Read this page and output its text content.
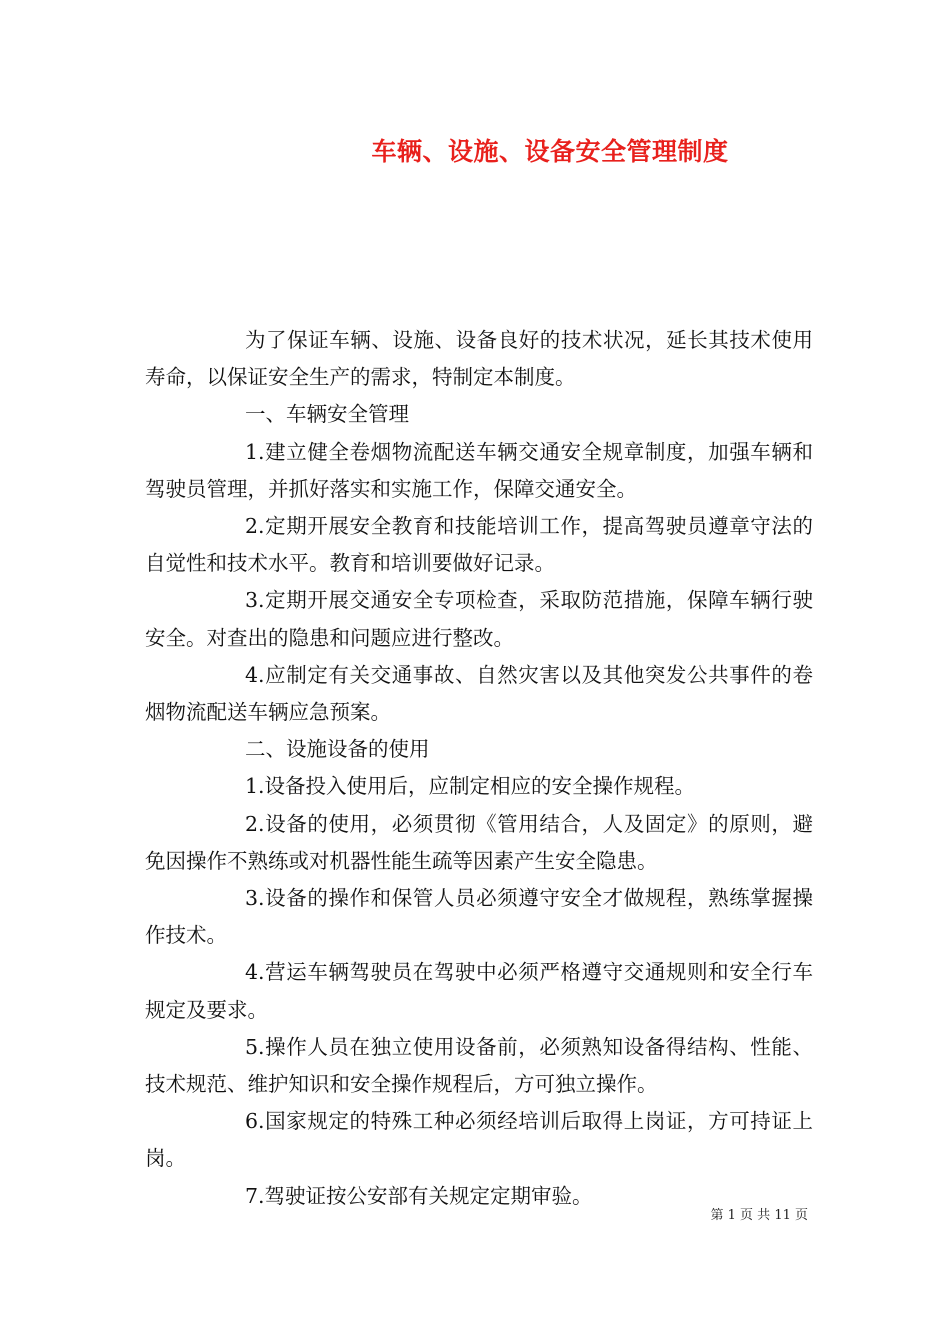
车辆、设施、设备安全管理制度

为了保证车辆、设施、设备良好的技术状况，延长其技术使用寿命，以保证安全生产的需求，特制定本制度。

一、车辆安全管理

1.建立健全卷烟物流配送车辆交通安全规章制度，加强车辆和驾驶员管理，并抓好落实和实施工作，保障交通安全。

2.定期开展安全教育和技能培训工作，提高驾驶员遵章守法的自觉性和技术水平。教育和培训要做好记录。

3.定期开展交通安全专项检查，采取防范措施，保障车辆行驶安全。对查出的隐患和问题应进行整改。

4.应制定有关交通事故、自然灾害以及其他突发公共事件的卷烟物流配送车辆应急预案。

二、设施设备的使用

1.设备投入使用后，应制定相应的安全操作规程。

2.设备的使用，必须贯彻《管用结合，人及固定》的原则，避免因操作不熟练或对机器性能生疏等因素产生安全隐患。

3.设备的操作和保管人员必须遵守安全才做规程，熟练掌握操作技术。

4.营运车辆驾驶员在驾驶中必须严格遵守交通规则和安全行车规定及要求。

5.操作人员在独立使用设备前，必须熟知设备得结构、性能、技术规范、维护知识和安全操作规程后，方可独立操作。

6.国家规定的特殊工种必须经培训后取得上岗证，方可持证上岗。

7.驾驶证按公安部有关规定定期审验。

第 1 页 共 11 页
